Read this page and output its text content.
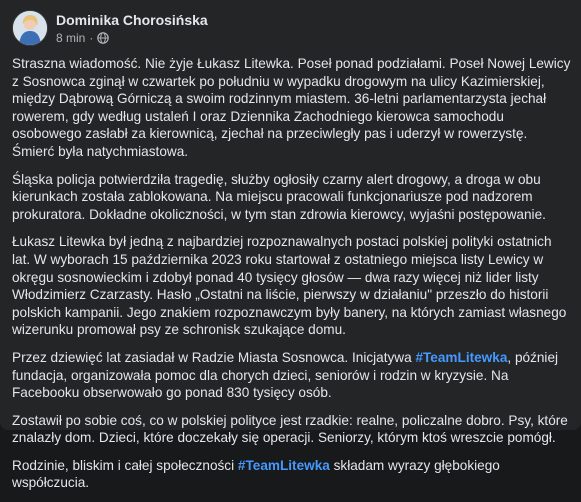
Dominika Chorosińska
8 min ·

Straszna wiadomość. Nie żyje Łukasz Litewka. Poseł ponad podziałami. Poseł Nowej Lewicy z Sosnowca zginął w czwartek po południu w wypadku drogowym na ulicy Kazimierskiej, między Dąbrową Górniczą a swoim rodzinnym miastem. 36-letni parlamentarzysta jechał rowerem, gdy według ustaleń I oraz Dziennika Zachodniego kierowca samochodu osobowego zasłabł za kierownicą, zjechał na przeciwległy pas i uderzył w rowerzystę. Śmierć była natychmiastowa.

Śląska policja potwierdziła tragedię, służby ogłosiły czarny alert drogowy, a droga w obu kierunkach została zablokowana. Na miejscu pracowali funkcjonariusze pod nadzorem prokuratora. Dokładne okoliczności, w tym stan zdrowia kierowcy, wyjaśni postępowanie.

Łukasz Litewka był jedną z najbardziej rozpoznawalnych postaci polskiej polityki ostatnich lat. W wyborach 15 października 2023 roku startował z ostatniego miejsca listy Lewicy w okręgu sosnowieckim i zdobył ponad 40 tysięcy głosów — dwa razy więcej niż lider listy Włodzimierz Czarzasty. Hasło „Ostatni na liście, pierwszy w działaniu" przeszło do historii polskich kampanii. Jego znakiem rozpoznawczym były banery, na których zamiast własnego wizerunku promował psy ze schronisk szukające domu.

Przez dziewięć lat zasiadał w Radzie Miasta Sosnowca. Inicjatywa #TeamLitewka, później fundacja, organizowała pomoc dla chorych dzieci, seniorów i rodzin w kryzysie. Na Facebooku obserwowało go ponad 830 tysięcy osób.

Zostawił po sobie coś, co w polskiej polityce jest rzadkie: realne, policzalne dobro. Psy, które znalazły dom. Dzieci, które doczekały się operacji. Seniorzy, którym ktoś wreszcie pomógł.

Rodzinie, bliskim i całej społeczności #TeamLitewka składam wyrazy głębokiego współczucia.
